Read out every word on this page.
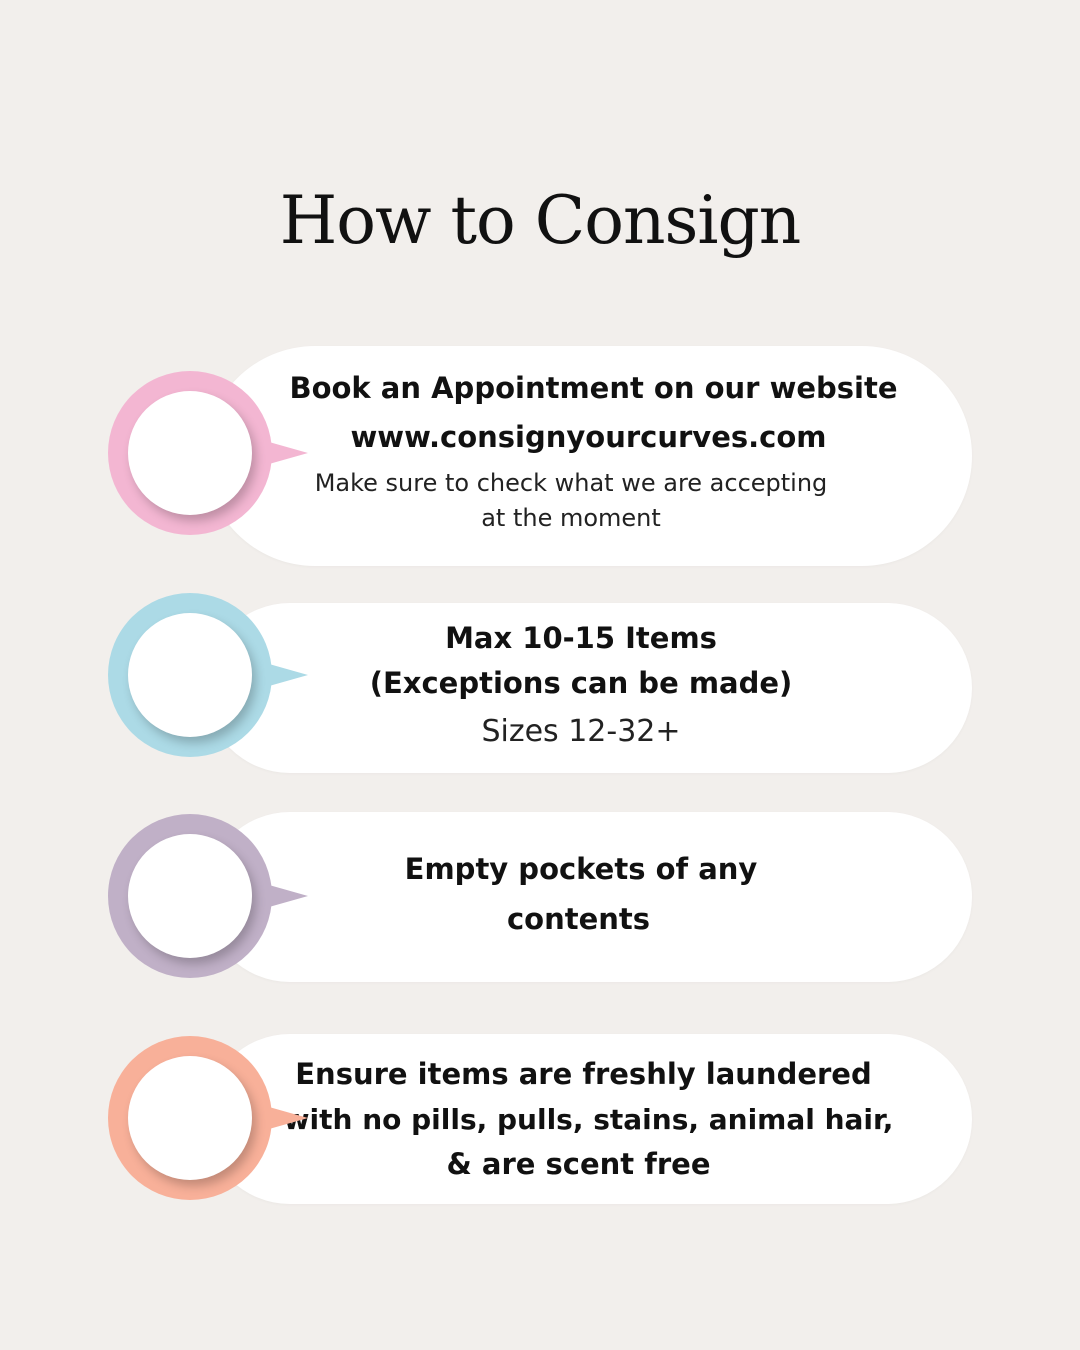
How to Consign
Book an Appointment on our website
www.consignyourcurves.com
Make sure to check what we are accepting
at the moment
Max 10-15 Items
(Exceptions can be made)
Sizes 12-32+
Empty pockets of any
contents
Ensure items are freshly laundered
with no pills, pulls, stains, animal hair,
& are scent free
